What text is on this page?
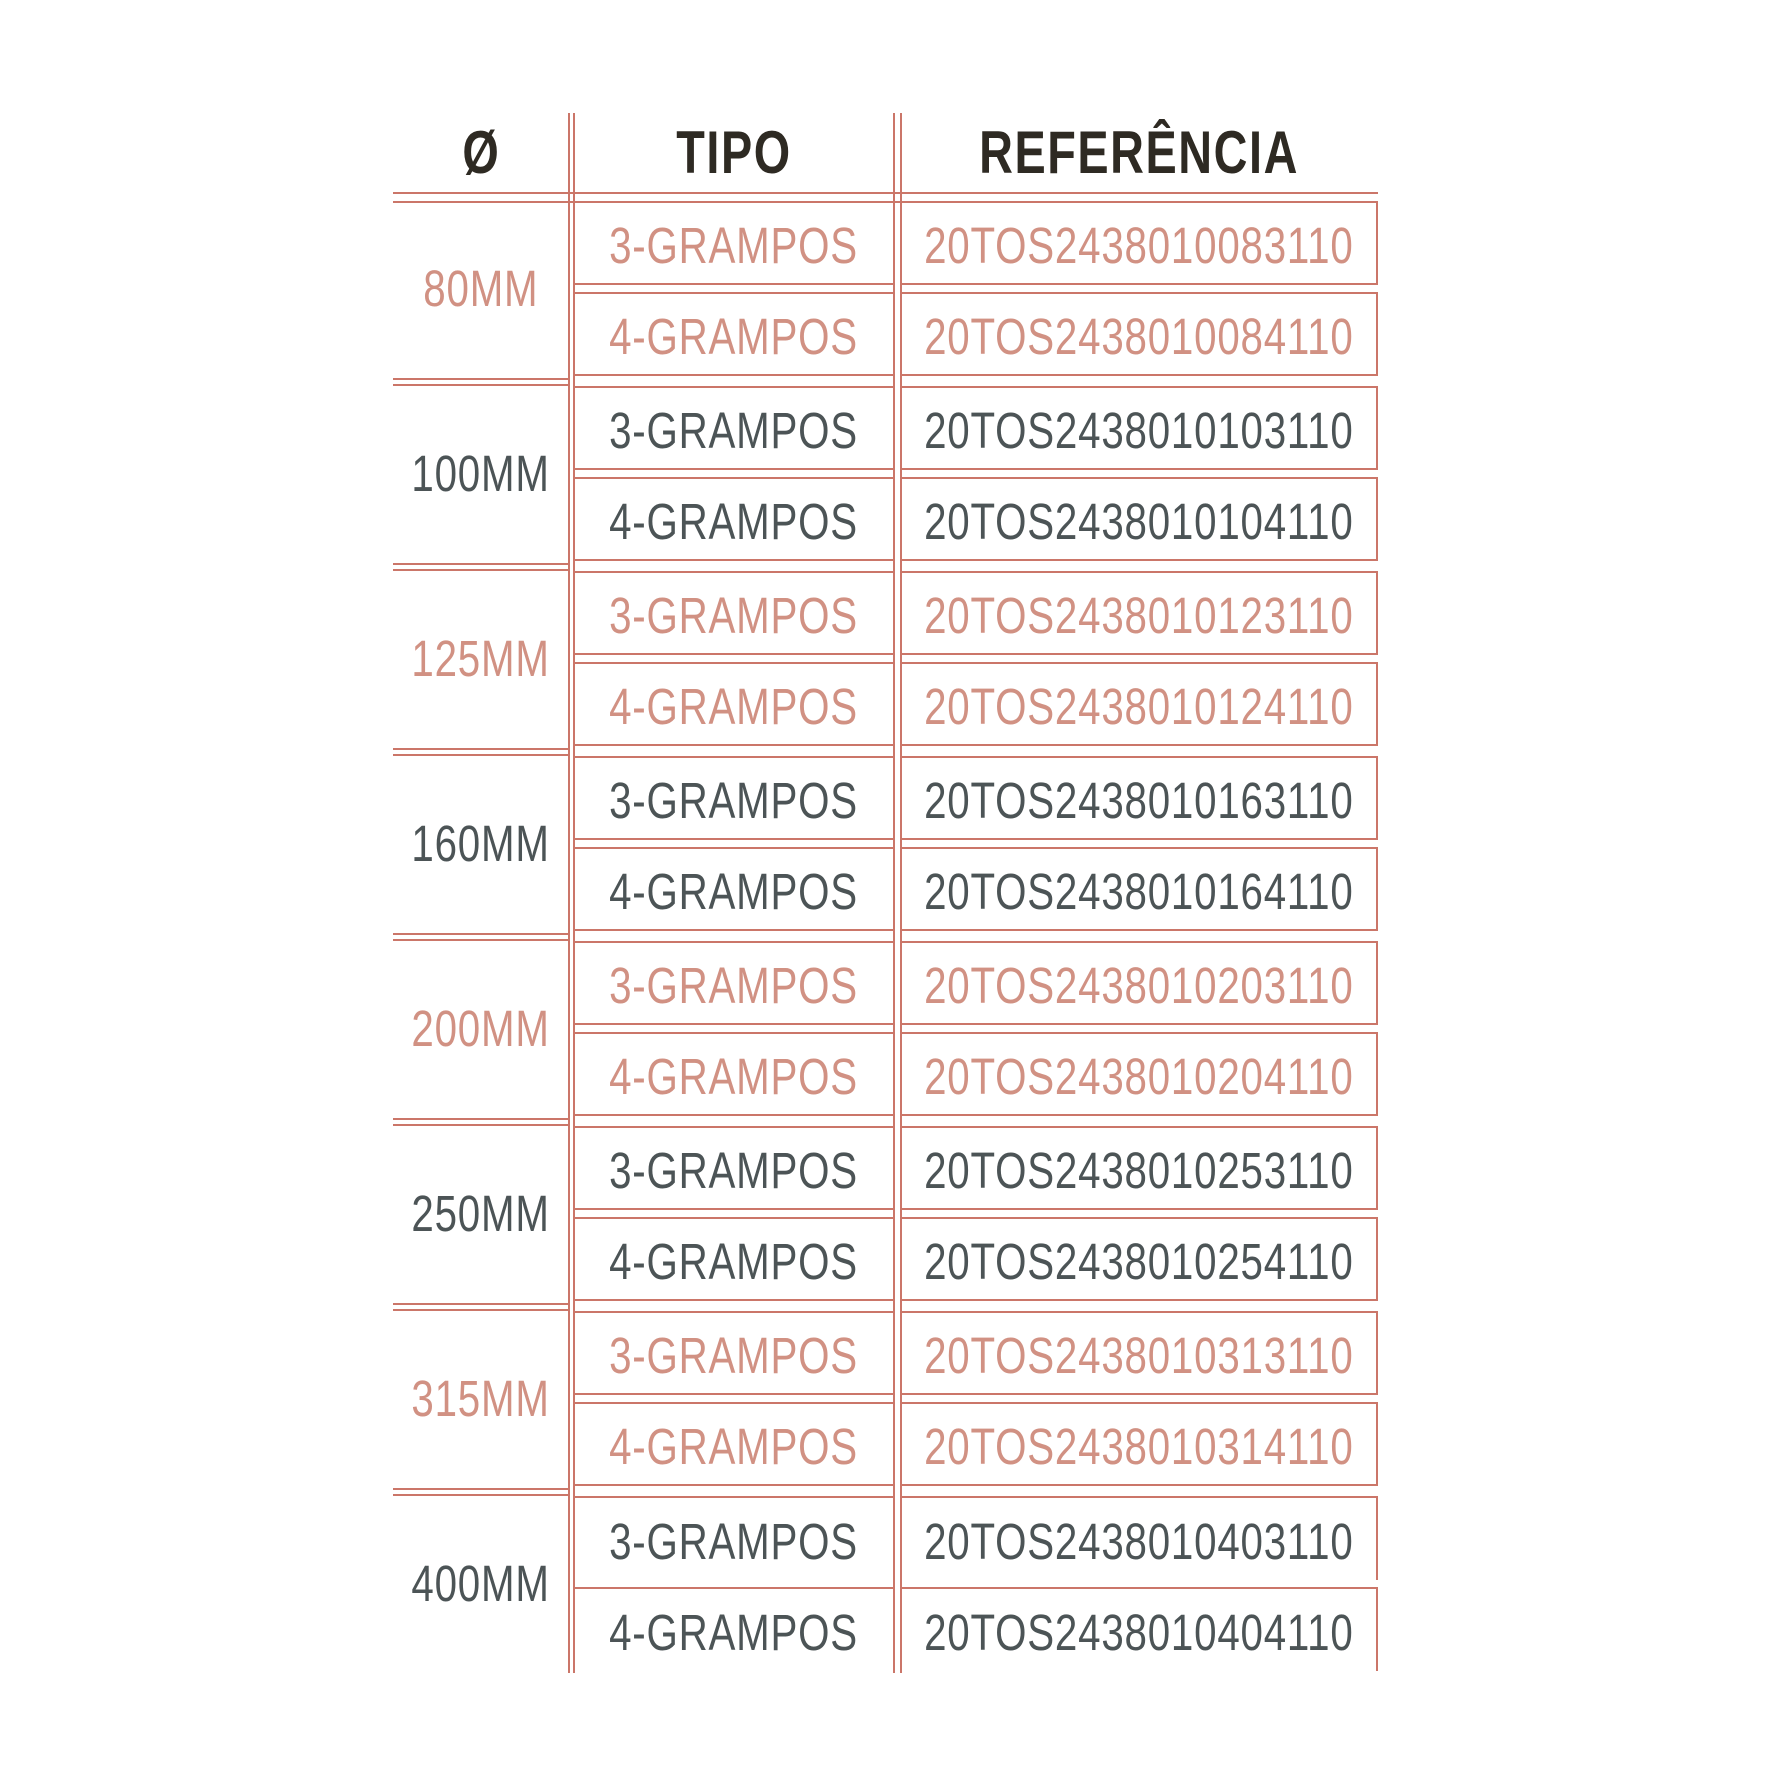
Ø	TIPO	REFERÊNCIA
80MM
3-GRAMPOS 20TOS2438010083110
4-GRAMPOS 20TOS2438010084110
100MM
3-GRAMPOS 20TOS2438010103110
4-GRAMPOS 20TOS2438010104110
125MM
3-GRAMPOS 20TOS2438010123110
4-GRAMPOS 20TOS2438010124110
160MM
3-GRAMPOS 20TOS2438010163110
4-GRAMPOS 20TOS2438010164110
200MM
3-GRAMPOS 20TOS2438010203110
4-GRAMPOS 20TOS2438010204110
250MM
3-GRAMPOS 20TOS2438010253110
4-GRAMPOS 20TOS2438010254110
315MM
3-GRAMPOS 20TOS2438010313110
4-GRAMPOS 20TOS2438010314110
400MM
3-GRAMPOS 20TOS2438010403110
4-GRAMPOS 20TOS2438010404110
